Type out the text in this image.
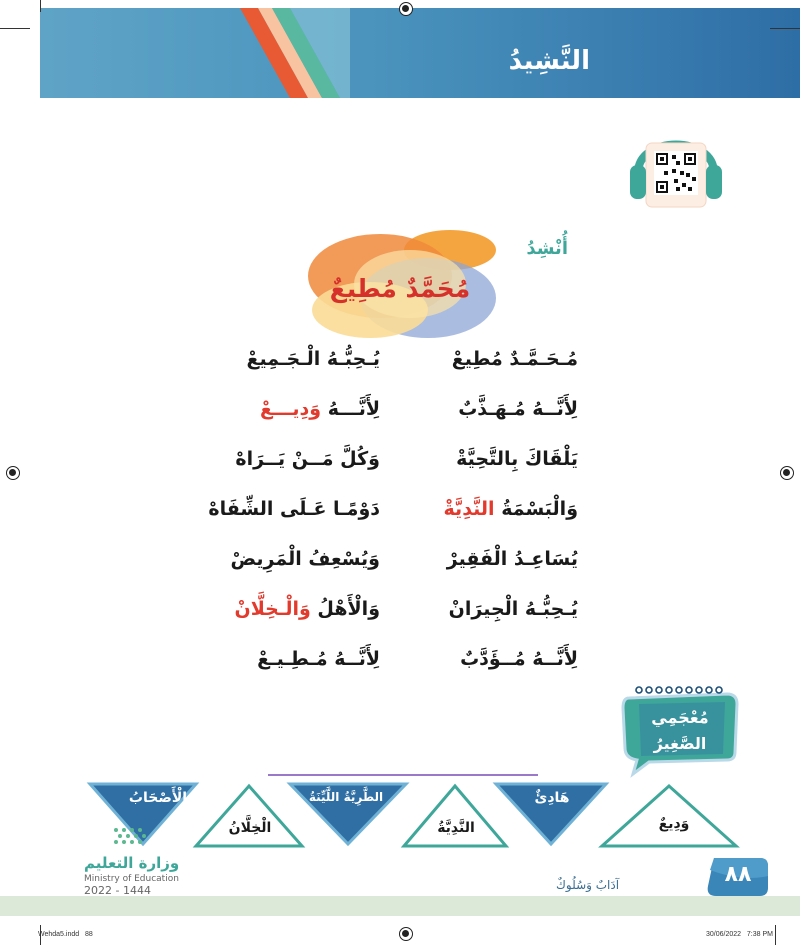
النَّشِيدُ
أُنْشِدُ
مُحَمَّدٌ مُطِيعٌ
مُـحَـمَّـدٌ مُطِيعْ
يُـحِبُّـهُ الْـجَـمِيعْ
لِأَنَّــهُ مُـهَـذَّبٌ
لِأَنَّـــهُ وَدِيـــعْ
يَلْقَاكَ بِالتَّحِيَّةْ
وَكُلَّ مَــنْ يَــرَاهْ
وَالْبَسْمَةُ النَّدِيَّةْ
دَوْمًـا عَـلَى الشِّفَاهْ
يُسَاعِـدُ الْفَقِيرْ
وَيُسْعِفُ الْمَرِيضْ
يُـحِبُّـهُ الْجِيرَانْ
وَالْأَهْلُ وَالْـخِلَّانْ
لِأَنَّــهُ مُــؤَدَّبٌ
لِأَنَّــهُ مُـطِـيـعْ
مُعْجَمِي
الصَّغِيرُ
الْأَصْحَابُ	الطَّرِيَّةُ اللَّيِّنَةُ	هَادِئٌ
وَدِيعٌ
النَّدِيَّةُ
الْخِلَّانُ
وزارة التعليم
Ministry of Education
2022 - 1444	آدَابٌ وَسُلُوكٌ	٨٨
Wehda5.indd   88	30/06/2022   7:38 PM
